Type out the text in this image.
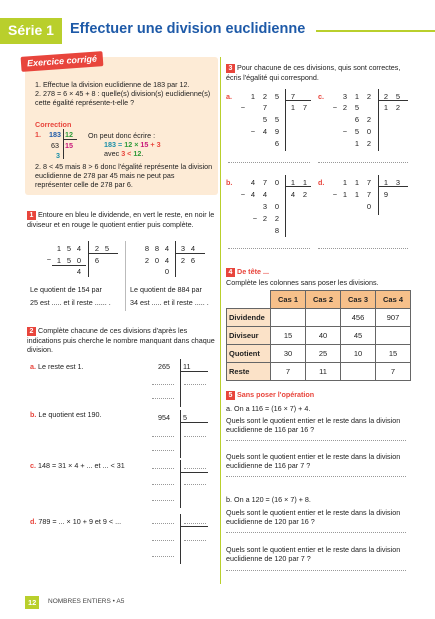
Série 1	Effectuer une division euclidienne
Exercice corrigé
1. Effectue la division euclidienne de 183 par 12.
2. 278 = 6 × 45 + 8 : quelle(s) division(s) euclidienne(s) cette égalité représente-t-elle ?
Correction
1. 183 12
63 15
3
On peut donc écrire :
183 = 12 × 15 + 3
avec 3 < 12.
2. 8 < 45 mais 8 > 6 donc l'égalité représente la division euclidienne de 278 par 45 mais ne peut pas représenter celle de 278 par 6.
1 Entoure en bleu le dividende, en vert le reste, en noir le diviseur et en rouge le quotient entier puis complète.
1 5 4	2 5
− 1 5 0	6
4
8 8 4	3 4
2 0 4	2 6
0
Le quotient de 154 par
25 est ..... et il reste ...... .
Le quotient de 884 par
34 est ..... et il reste ..... .
2 Complète chacune de ces divisions d'après les indications puis cherche le nombre manquant dans chaque division.
a. Le reste est 1.	265 11
b. Le quotient est 190.	954 5
c. 148 = 31 × 4 + ... et ... < 31
d. 789 = ... × 10 + 9 et 9 < ...
3 Pour chacune de ces divisions, quis sont correctes, écris l'égalité qui correspond.
a.	1	2	5	7
−	7	1	7
5	5
−	4	9
6
c.	3	1	2	2	5
− 2	5	1	2
6	2
−	5	0
1	2
b.	4	7	0	1	1
− 4	4	4	2
3	0
− 2	2
8
d.	1	1	7	1	3
− 1	1	7	9
0
4 De tête ...
Complète les colonnes sans poser les divisions.
	Cas 1	Cas 2	Cas 3	Cas 4
Dividende			456	907
Diviseur	15	40	45	
Quotient	30	25	10	15
Reste	7	11		7
5 Sans poser l'opération
a. On a 116 = (16 × 7) + 4.
Quels sont le quotient entier et le reste dans la division euclidienne de 116 par 16 ?
Quels sont le quotient entier et le reste dans la division euclidienne de 116 par 7 ?
b. On a 120 = (16 × 7) + 8.
Quels sont le quotient entier et le reste dans la division euclidienne de 120 par 16 ?
Quels sont le quotient entier et le reste dans la division euclidienne de 120 par 7 ?
12	NOMBRES ENTIERS • A5
